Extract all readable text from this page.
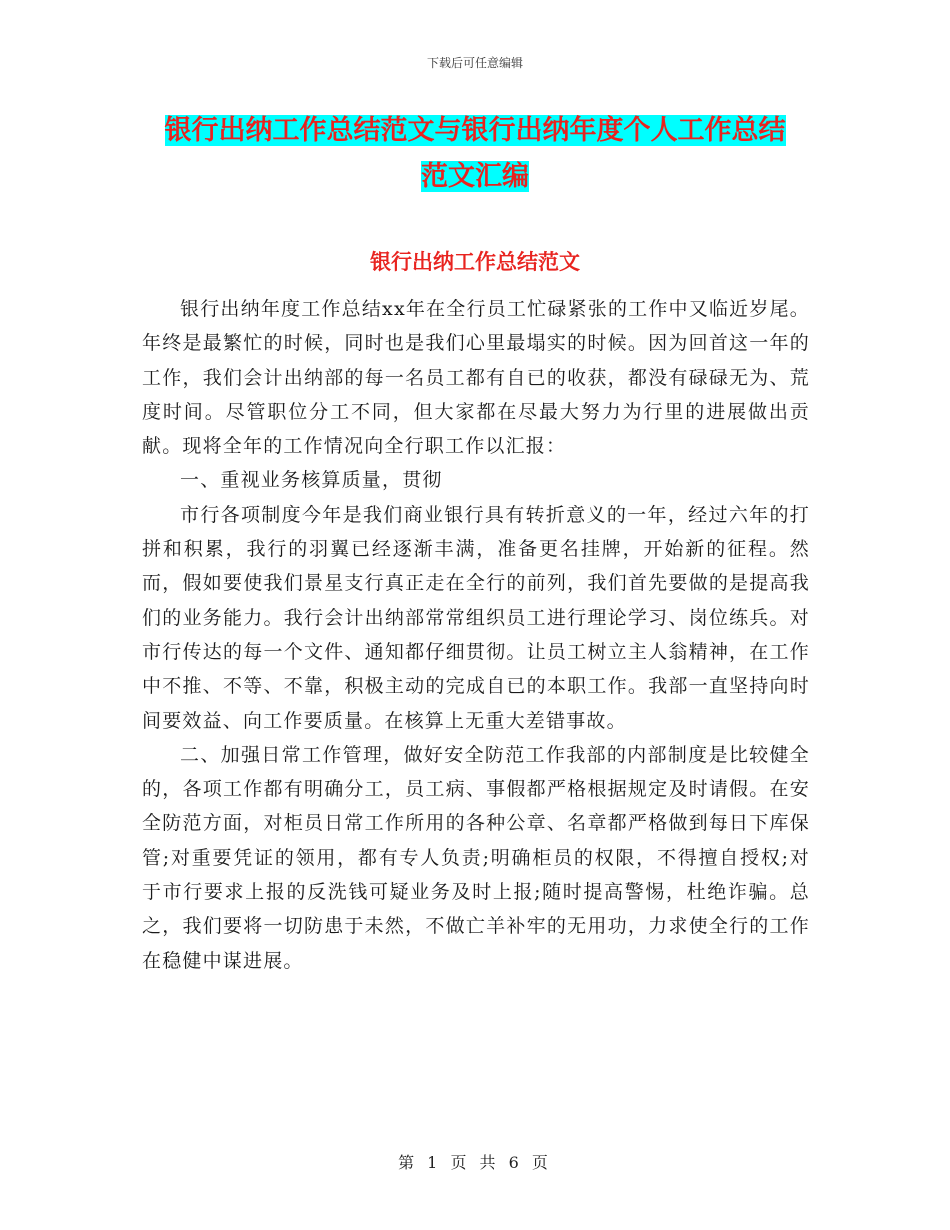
下载后可任意编辑
银行出纳工作总结范文与银行出纳年度个人工作总结
范文汇编
银行出纳工作总结范文

银行出纳年度工作总结xx年在全行员工忙碌紧张的工作中又临近岁尾。年终是最繁忙的时候，同时也是我们心里最塌实的时候。因为回首这一年的工作，我们会计出纳部的每一名员工都有自已的收获，都没有碌碌无为、荒度时间。尽管职位分工不同，但大家都在尽最大努力为行里的进展做出贡献。现将全年的工作情况向全行职工作以汇报：

一、重视业务核算质量，贯彻

市行各项制度今年是我们商业银行具有转折意义的一年，经过六年的打拼和积累，我行的羽翼已经逐渐丰满，准备更名挂牌，开始新的征程。然而，假如要使我们景星支行真正走在全行的前列，我们首先要做的是提高我们的业务能力。我行会计出纳部常常组织员工进行理论学习、岗位练兵。对市行传达的每一个文件、通知都仔细贯彻。让员工树立主人翁精神，在工作中不推、不等、不靠，积极主动的完成自已的本职工作。我部一直坚持向时间要效益、向工作要质量。在核算上无重大差错事故。

二、加强日常工作管理，做好安全防范工作我部的内部制度是比较健全的，各项工作都有明确分工，员工病、事假都严格根据规定及时请假。在安全防范方面，对柜员日常工作所用的各种公章、名章都严格做到每日下库保管;对重要凭证的领用，都有专人负责;明确柜员的权限，不得擅自授权;对于市行要求上报的反洗钱可疑业务及时上报;随时提高警惕，杜绝诈骗。总之，我们要将一切防患于未然，不做亡羊补牢的无用功，力求使全行的工作在稳健中谋进展。

第 1 页 共 6 页
